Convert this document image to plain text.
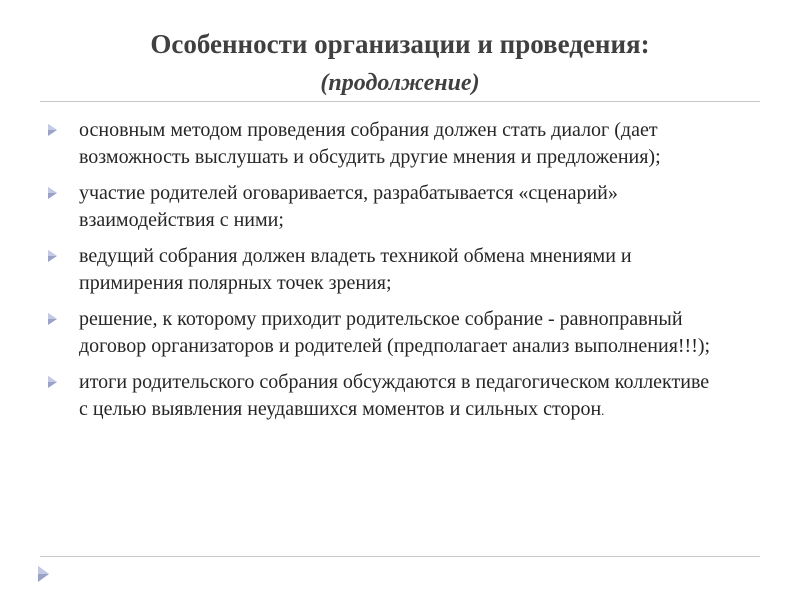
Особенности организации и проведения:
(продолжение)
основным методом проведения собрания должен стать диалог (дает возможность выслушать и обсудить другие мнения и предложения);
участие родителей оговаривается, разрабатывается «сценарий» взаимодействия с ними;
ведущий собрания должен владеть техникой обмена мнениями и примирения полярных точек зрения;
решение, к которому приходит родительское собрание - равноправный договор организаторов и родителей (предполагает анализ выполнения!!!);
итоги родительского собрания обсуждаются в педагогическом коллективе с целью выявления неудавшихся моментов и сильных сторон.
